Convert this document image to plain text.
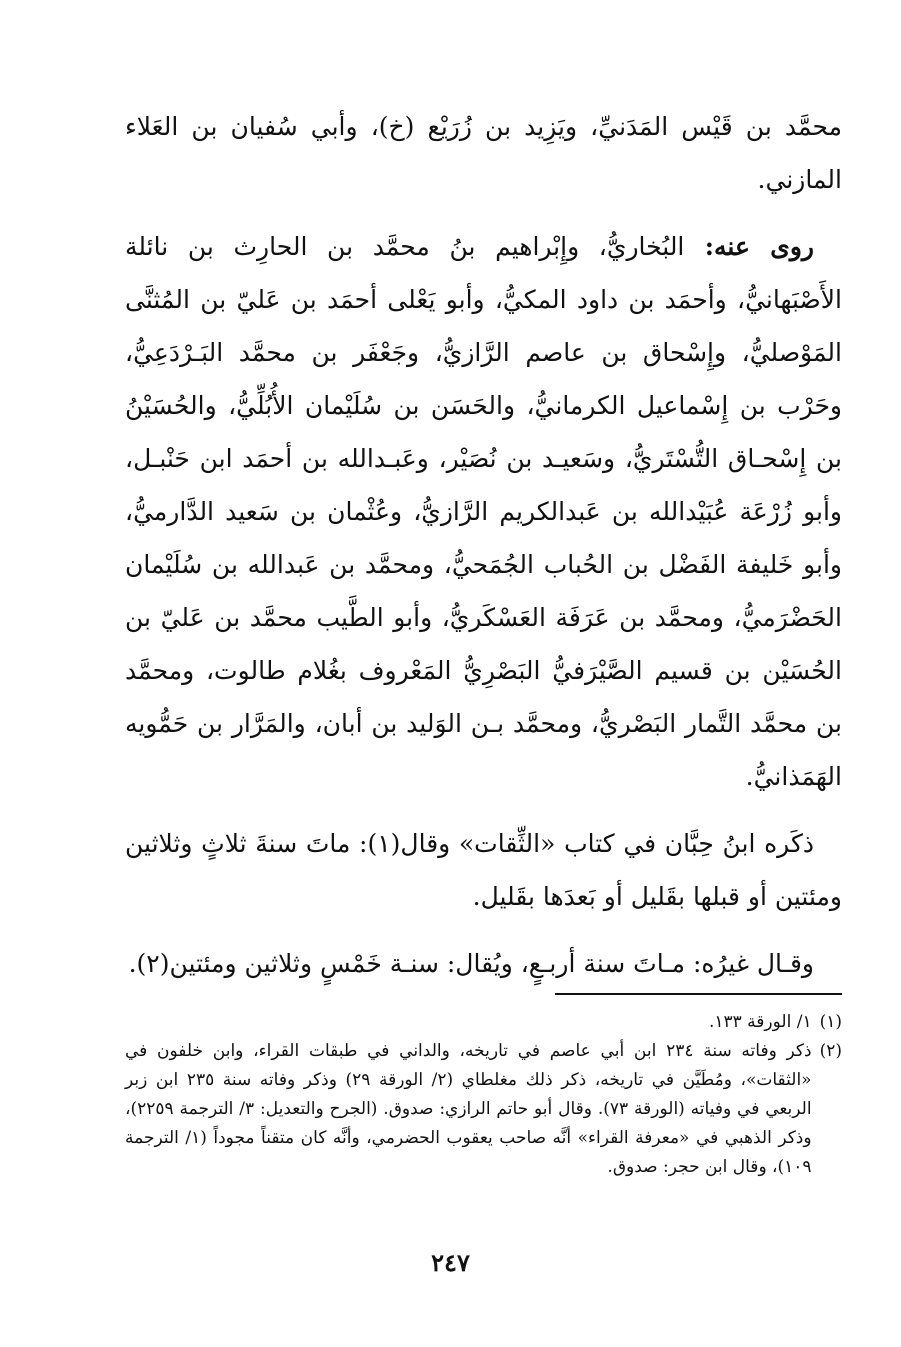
محمَّد بن قَيْس المَدَنيِّ، ويَزِيد بن زُرَيْع (خ)، وأبي سُفيان بن العَلاء المازني.

روى عنه: البُخاريُّ، وإِبْراهيم بنُ محمَّد بن الحارِث بن نائلة الأَصْبَهانيُّ، وأحمَد بن داود المكيُّ، وأبو يَعْلى أحمَد بن عَليّ بن المُثنَّى المَوْصليُّ، وإِسْحاق بن عاصم الرَّازيُّ، وجَعْفَر بن محمَّد البَـرْدَعِيُّ، وحَرْب بن إِسْماعيل الكرمانيُّ، والحَسَن بن سُلَيْمان الأُبُلِّيُّ، والحُسَيْنُ بن إِسْحـاق التُّسْتَريُّ، وسَعيـد بن نُصَيْر، وعَبـدالله بن أحمَد ابن حَنْبـل، وأبو زُرْعَة عُبَيْدالله بن عَبدالكريم الرَّازيُّ، وعُثْمان بن سَعيد الدَّارميُّ، وأبو خَليفة الفَضْل بن الحُباب الجُمَحيُّ، ومحمَّد بن عَبدالله بن سُلَيْمان الحَضْرَميُّ، ومحمَّد بن عَرَفَة العَسْكَريُّ، وأبو الطَّيب محمَّد بن عَليّ بن الحُسَيْن بن قسيم الصَّيْرَفيُّ البَصْرِيُّ المَعْروف بغُلام طالوت، ومحمَّد بن محمَّد التَّمار البَصْريُّ، ومحمَّد بـن الوَليد بن أبان، والمَرَّار بن حَمُّويه الهَمَذانيُّ.

ذكَره ابنُ حِبَّان في كتاب «الثِّقات» وقال(١): ماتَ سنةَ ثلاثٍ وثلاثين ومئتين أو قبلها بقَليل أو بَعدَها بقَليل.

وقـال غيرُه: مـاتَ سنة أربـعٍ، ويُقال: سنـة خَمْسٍ وثلاثين ومئتين(٢).

(١)
١/ الورقة ١٣٣.

(٢)
ذكر وفاته سنة ٢٣٤ ابن أبي عاصم في تاريخه، والداني في طبقات القراء، وابن خلفون في «الثقات»، ومُطَيَّن في تاريخه، ذكر ذلك مغلطاي (٢/ الورقة ٢٩) وذكر وفاته سنة ٢٣٥ ابن زبر الربعي في وفياته (الورقة ٧٣). وقال أبو حاتم الرازي: صدوق. (الجرح والتعديل: ٣/ الترجمة ٢٢٥٩)، وذكر الذهبي في «معرفة القراء» أنَّه صاحب يعقوب الحضرمي، وأنَّه كان متقناً مجوداً (١/ الترجمة ١٠٩)، وقال ابن حجر: صدوق.

٢٤٧
